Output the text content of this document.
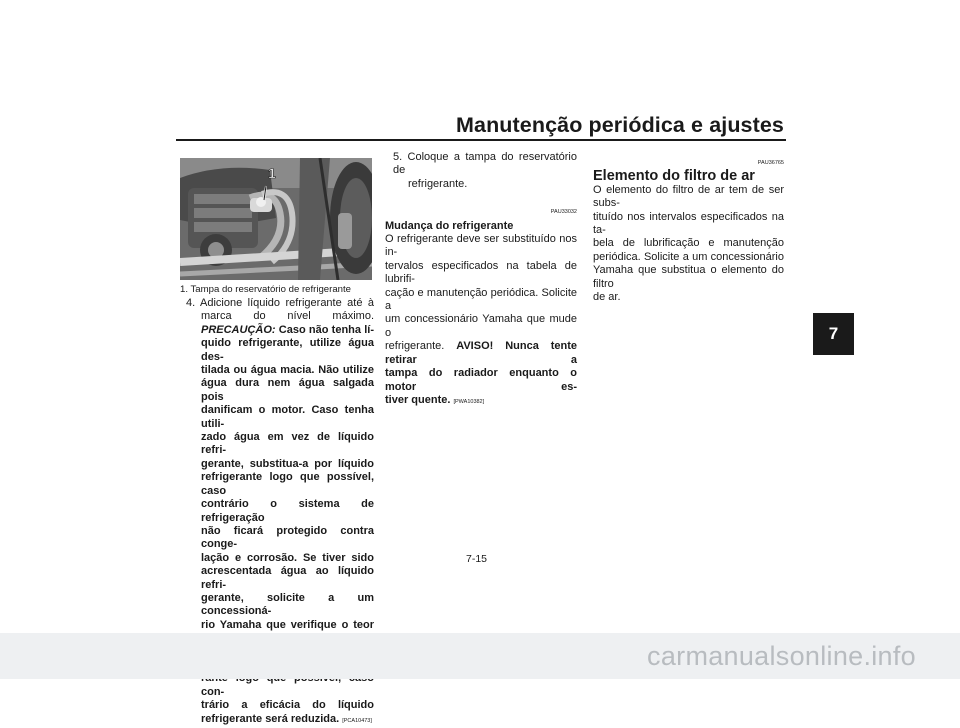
Manutenção periódica e ajustes
7
1

1. Tampa do reservatório de refrigerante

4. Adicione líquido refrigerante até à

marca do nível máximo.

PRECAUÇÃO: Caso não tenha lí-

quido refrigerante, utilize água des-

tilada ou água macia. Não utilize

água dura nem água salgada pois

danificam o motor. Caso tenha utili-

zado água em vez de líquido refri-

gerante, substitua-a por líquido

refrigerante logo que possível, caso

contrário o sistema de refrigeração

não ficará protegido contra conge-

lação e corrosão. Se tiver sido

acrescentada água ao líquido refri-

gerante, solicite a um concessioná-

rio Yamaha que verifique o teor

con-

trário a eficácia do líquido

refrigerante será reduzida. [PCA10473]

5. Coloque a tampa do reservatório de

refrigerante.

PAU33032

Mudança do refrigerante

O refrigerante deve ser substituído nos in-

tervalos especificados na tabela de lubrifi-

cação e manutenção periódica. Solicite a

um concessionário Yamaha que mude o

refrigerante. AVISO! Nunca tente retirar a

tampa do radiador enquanto o motor es-

tiver quente. [PWA10382]

PAU36765

Elemento do filtro de ar

O elemento do filtro de ar tem de ser subs-

tituído nos intervalos especificados na ta-

bela de lubrificação e manutenção

periódica. Solicite a um concessionário

Yamaha que substitua o elemento do filtro

de ar.

7-15
carmanualsonline.info
